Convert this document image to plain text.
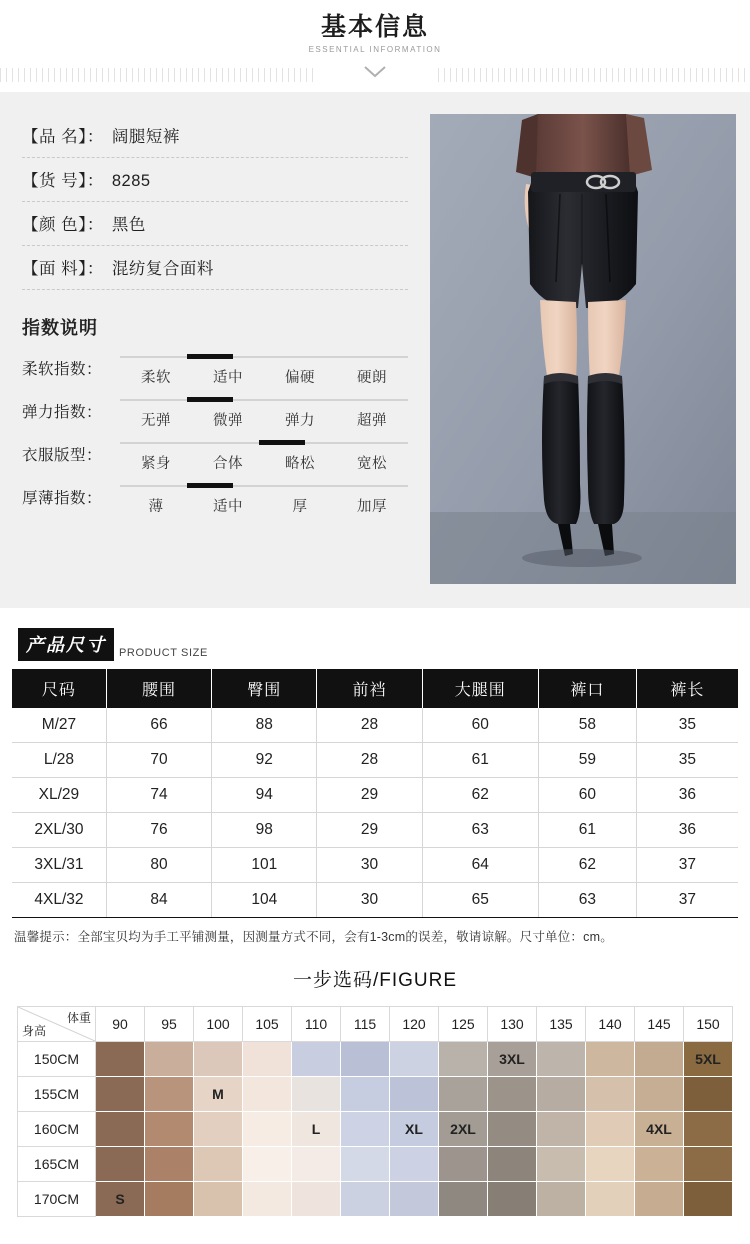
基本信息
ESSENTIAL INFORMATION
【品 名】： 阔腿短裤
【货 号】： 8285
【颜 色】： 黑色
【面 料】： 混纺复合面料
指数说明
柔软指数：	柔软	适中	偏硬	硬朗
弹力指数：	无弹	微弹	弹力	超弹
衣服版型：	紧身	合体	略松	宽松
厚薄指数：	薄	适中	厚	加厚
产品尺寸	PRODUCT SIZE
尺码	腰围	臀围	前裆	大腿围	裤口	裤长
M/27	66	88	28	60	58	35
L/28	70	92	28	61	59	35
XL/29	74	94	29	62	60	36
2XL/30	76	98	29	63	61	36
3XL/31	80	101	30	64	62	37
4XL/32	84	104	30	65	63	37
温馨提示：全部宝贝均为手工平铺测量，因测量方式不同，会有1-3cm的误差，敬请谅解。尺寸单位：cm。
一步选码/FIGURE
体重
身高	90	95	100	105	110	115	120	125	130	135	140	145	150
150CM									3XL				5XL
155CM			M										
160CM					L		XL	2XL				4XL	
165CM													
170CM	S												
